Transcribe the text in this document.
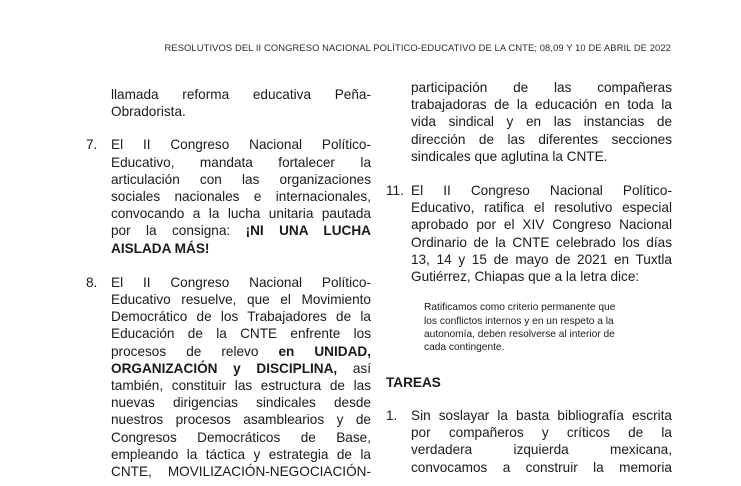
RESOLUTIVOS DEL II CONGRESO NACIONAL POLÍTICO-EDUCATIVO DE LA CNTE; 08,09 Y 10 DE ABRIL DE 2022
llamada reforma educativa Peña-
Obradorista.
7. El II Congreso Nacional Político-
Educativo, mandata fortalecer la
articulación con las organizaciones
sociales nacionales e internacionales,
convocando a la lucha unitaria pautada
por la consigna: ¡NI UNA LUCHA
AISLADA MÁS!
8. El II Congreso Nacional Político-
Educativo resuelve, que el Movimiento
Democrático de los Trabajadores de la
Educación de la CNTE enfrente los
procesos de relevo en UNIDAD,
ORGANIZACIÓN y DISCIPLINA, así
también, constituir las estructura de las
nuevas dirigencias sindicales desde
nuestros procesos asamblearios y de
Congresos Democráticos de Base,
empleando la táctica y estrategia de la
CNTE, MOVILIZACIÓN-NEGOCIACIÓN-
participación de las compañeras
trabajadoras de la educación en toda la
vida sindical y en las instancias de
dirección de las diferentes secciones
sindicales que aglutina la CNTE.
11. El II Congreso Nacional Político-
Educativo, ratifica el resolutivo especial
aprobado por el XIV Congreso Nacional
Ordinario de la CNTE celebrado los días
13, 14 y 15 de mayo de 2021 en Tuxtla
Gutiérrez, Chiapas que a la letra dice:
Ratificamos como criterio permanente que
los conflictos internos y en un respeto a la
autonomía, deben resolverse al interior de
cada contingente.
TAREAS
1. Sin soslayar la basta bibliografía escrita
por compañeros y críticos de la
verdadera izquierda mexicana,
convocamos a construir la memoria
